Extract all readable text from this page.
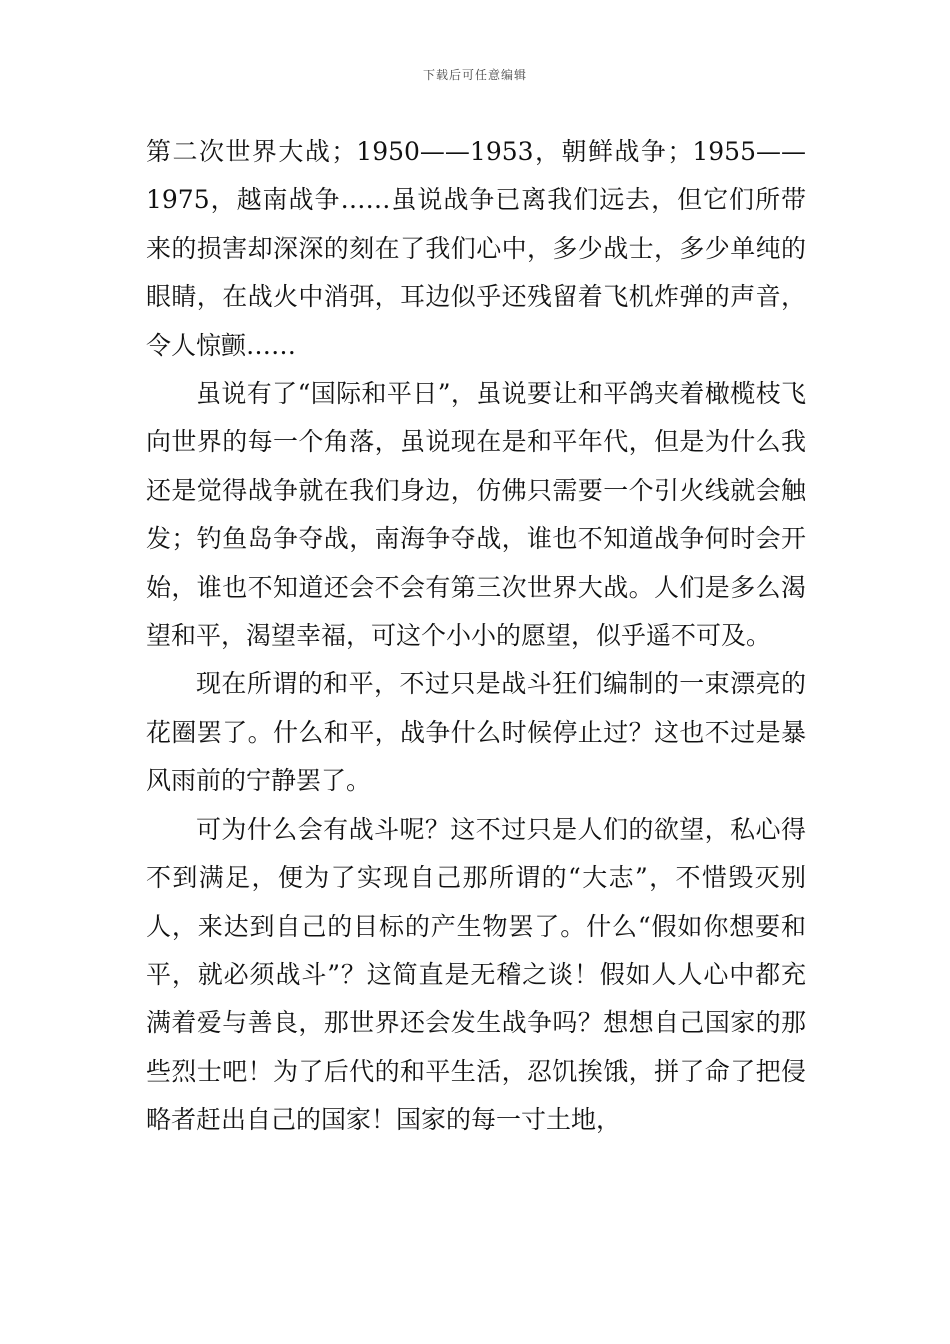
下载后可任意编辑

第二次世界大战；1950——1953，朝鲜战争；1955——1975，越南战争……虽说战争已离我们远去，但它们所带来的损害却深深的刻在了我们心中，多少战士，多少单纯的眼睛，在战火中消弭，耳边似乎还残留着飞机炸弹的声音，令人惊颤……

虽说有了“国际和平日”，虽说要让和平鸽夹着橄榄枝飞向世界的每一个角落，虽说现在是和平年代，但是为什么我还是觉得战争就在我们身边，仿佛只需要一个引火线就会触发；钓鱼岛争夺战，南海争夺战，谁也不知道战争何时会开始，谁也不知道还会不会有第三次世界大战。人们是多么渴望和平，渴望幸福，可这个小小的愿望，似乎遥不可及。

现在所谓的和平，不过只是战斗狂们编制的一束漂亮的花圈罢了。什么和平，战争什么时候停止过？这也不过是暴风雨前的宁静罢了。

可为什么会有战斗呢？这不过只是人们的欲望，私心得不到满足，便为了实现自己那所谓的“大志”，不惜毁灭别人，来达到自己的目标的产生物罢了。什么“假如你想要和平，就必须战斗”？这简直是无稽之谈！假如人人心中都充满着爱与善良，那世界还会发生战争吗？想想自己国家的那些烈士吧！为了后代的和平生活，忍饥挨饿，拼了命了把侵略者赶出自己的国家！国家的每一寸土地，
